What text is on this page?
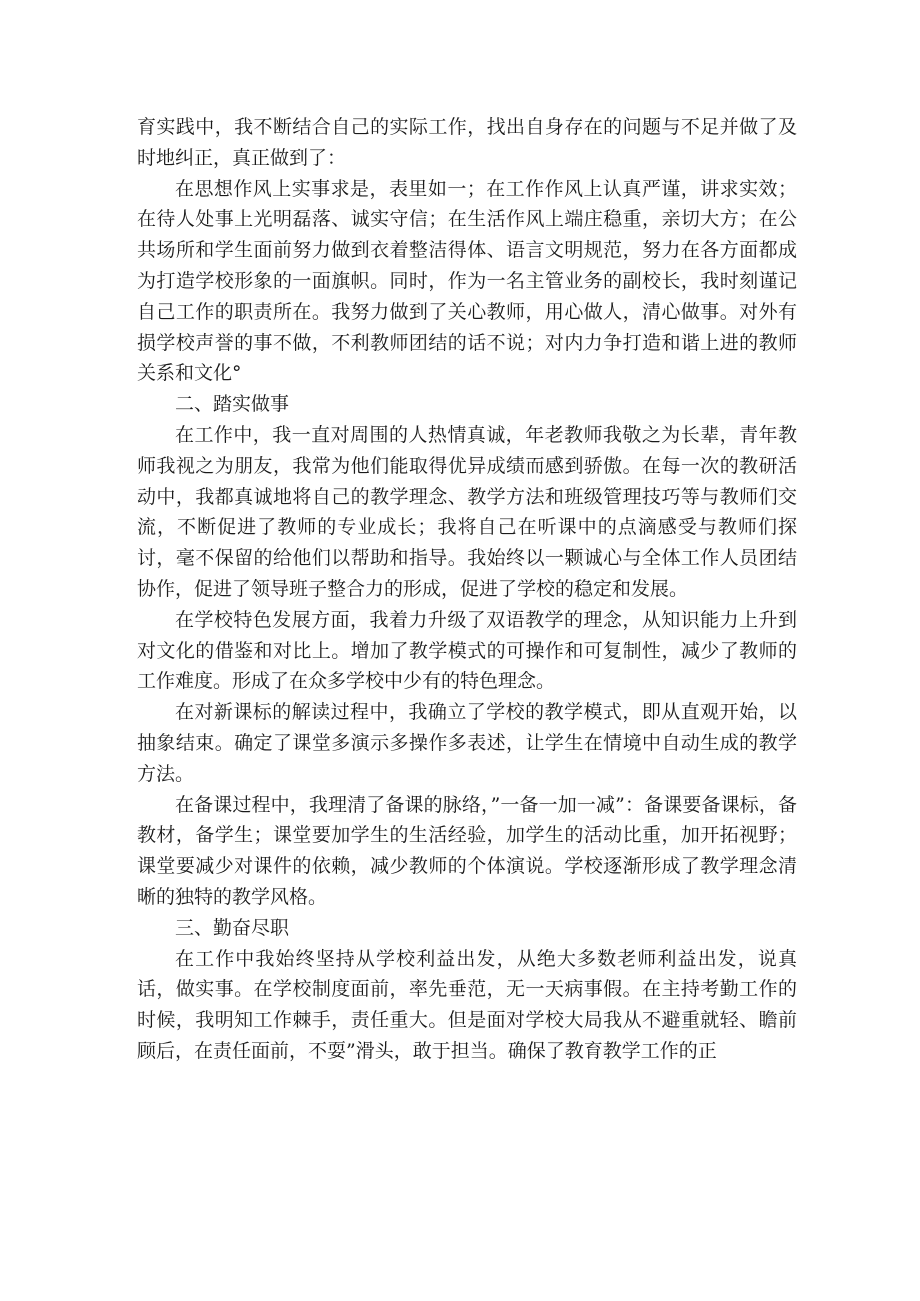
育实践中，我不断结合自己的实际工作，找出自身存在的问题与不足并做了及时地纠正，真正做到了：

在思想作风上实事求是，表里如一；在工作作风上认真严谨，讲求实效；在待人处事上光明磊落、诚实守信；在生活作风上端庄稳重，亲切大方；在公共场所和学生面前努力做到衣着整洁得体、语言文明规范，努力在各方面都成为打造学校形象的一面旗帜。同时，作为一名主管业务的副校长，我时刻谨记自己工作的职责所在。我努力做到了关心教师，用心做人，清心做事。对外有损学校声誉的事不做，不利教师团结的话不说；对内力争打造和谐上进的教师关系和文化°

二、踏实做事

在工作中，我一直对周围的人热情真诚，年老教师我敬之为长辈，青年教师我视之为朋友，我常为他们能取得优异成绩而感到骄傲。在每一次的教研活动中，我都真诚地将自己的教学理念、教学方法和班级管理技巧等与教师们交流，不断促进了教师的专业成长；我将自己在听课中的点滴感受与教师们探讨，毫不保留的给他们以帮助和指导。我始终以一颗诚心与全体工作人员团结协作，促进了领导班子整合力的形成，促进了学校的稳定和发展。

在学校特色发展方面，我着力升级了双语教学的理念，从知识能力上升到对文化的借鉴和对比上。增加了教学模式的可操作和可复制性，减少了教师的工作难度。形成了在众多学校中少有的特色理念。

在对新课标的解读过程中，我确立了学校的教学模式，即从直观开始，以抽象结束。确定了课堂多演示多操作多表述，让学生在情境中自动生成的教学方法。

在备课过程中，我理清了备课的脉络，”一备一加一减”：备课要备课标，备教材，备学生；课堂要加学生的生活经验，加学生的活动比重，加开拓视野；课堂要减少对课件的依赖，减少教师的个体演说。学校逐渐形成了教学理念清晰的独特的教学风格。

三、勤奋尽职

在工作中我始终坚持从学校利益出发，从绝大多数老师利益出发，说真话，做实事。在学校制度面前，率先垂范，无一天病事假。在主持考勤工作的时候，我明知工作棘手，责任重大。但是面对学校大局我从不避重就轻、瞻前顾后，在责任面前，不耍”滑头，敢于担当。确保了教育教学工作的正
